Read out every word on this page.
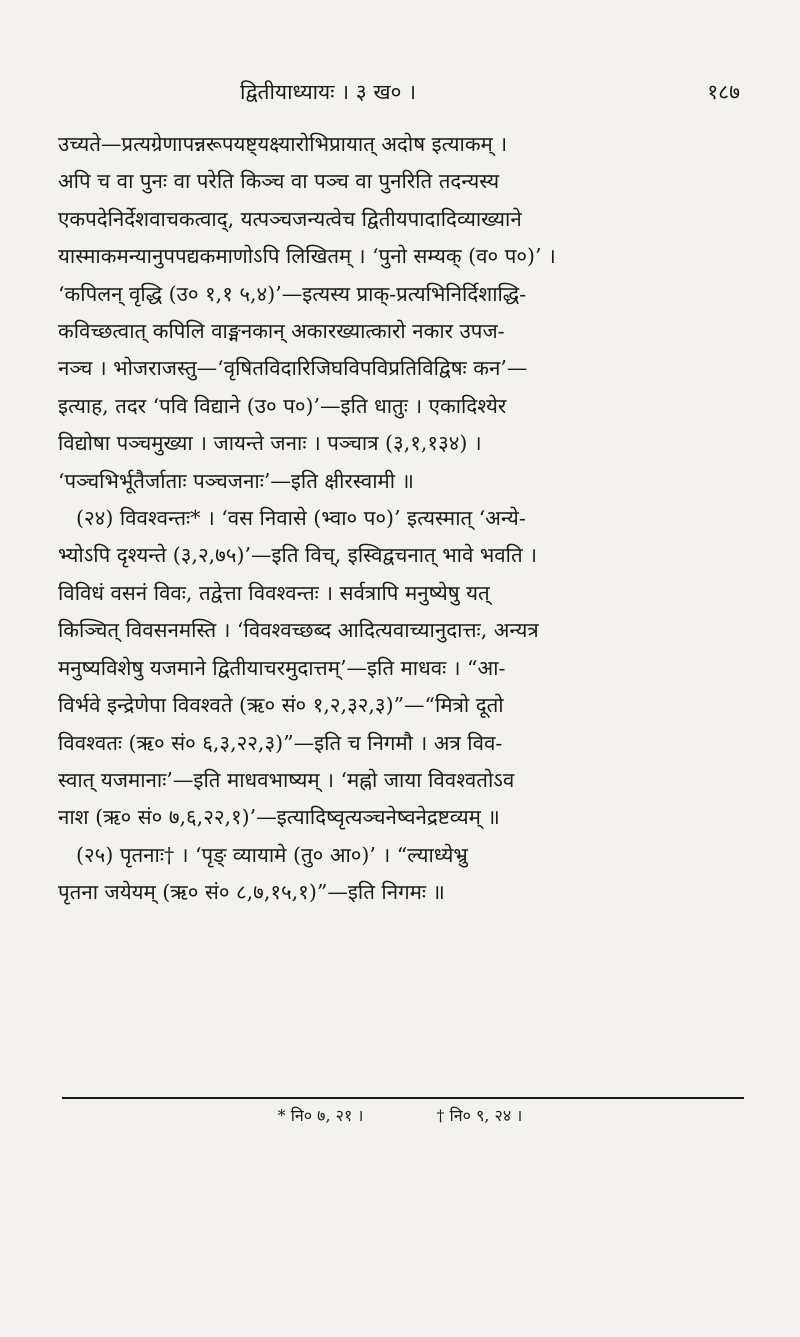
द्वितीयाध्यायः । ३ ख० ।	१८७

उच्यते—प्रत्यग्रेणापन्नरूपयष्ट्यक्ष्यारोभिप्रायात् अदोष इत्याकम् ।

अपि च वा पुनः वा परेति किञ्च वा पञ्च वा पुनरिति तदन्यस्य

एकपदेनिर्देशवाचकत्वाद्, यत्पञ्चजन्यत्वेच द्वितीयपादादिव्याख्याने

यास्माकमन्यानुपपद्यकमाणोऽपि लिखितम् । ‘पुनो सम्यक् (व० प०)’ ।

‘कपिलन् वृद्धि (उ० १,१ ५,४)’—इत्यस्य प्राक्-प्रत्यभिनिर्दिशाद्धि-

कविच्छत्वात् कपिलि वाङ्मनकान् अकारख्यात्कारो नकार उपज-

नञ्च । भोजराजस्तु—‘वृषितविदारिजिघविपविप्रतिविद्विषः कन’—

इत्याह, तदर ‘पवि विद्याने (उ० प०)’—इति धातुः । एकादिश्येर

विद्योषा पञ्चमुख्या । जायन्ते जनाः । पञ्चात्र (३,१,१३४) ।

‘पञ्चभिर्भूतैर्जाताः पञ्चजनाः’—इति क्षीरस्वामी ॥

(२४) विवश्वन्तः* । ‘वस निवासे (भ्वा० प०)’ इत्यस्मात् ‘अन्ये-

भ्योऽपि दृश्यन्ते (३,२,७५)’—इति विच्, इस्विद्वचनात् भावे भवति ।

विविधं वसनं विवः, तद्वेत्ता विवश्वन्तः । सर्वत्रापि मनुष्येषु यत्

किञ्चित् विवसनमस्ति । ‘विवश्वच्छब्द आदित्यवाच्यानुदात्तः, अन्यत्र

मनुष्यविशेषु यजमाने द्वितीयाचरमुदात्तम्’—इति माधवः । “आ-

विर्भवे इन्द्रेणेपा विवश्वते (ऋ० सं० १,२,३२,३)”—“मित्रो दूतो

विवश्वतः (ऋ० सं० ६,३,२२,३)”—इति च निगमौ । अत्र विव-

स्वात् यजमानाः’—इति माधवभाष्यम् । ‘मह्नो जाया विवश्वतोऽव

नाश (ऋ० सं० ७,६,२२,१)’—इत्यादिष्वृत्यञ्चनेष्वनेद्रष्टव्यम् ॥

(२५) पृतनाः† । ‘पृङ् व्यायामे (तु० आ०)’ । “ल्याध्येभ्रु

पृतना जयेयम् (ऋ० सं० ८,७,१५,१)”—इति निगमः ॥

* नि० ७, २१ ।	† नि० ९, २४ ।
